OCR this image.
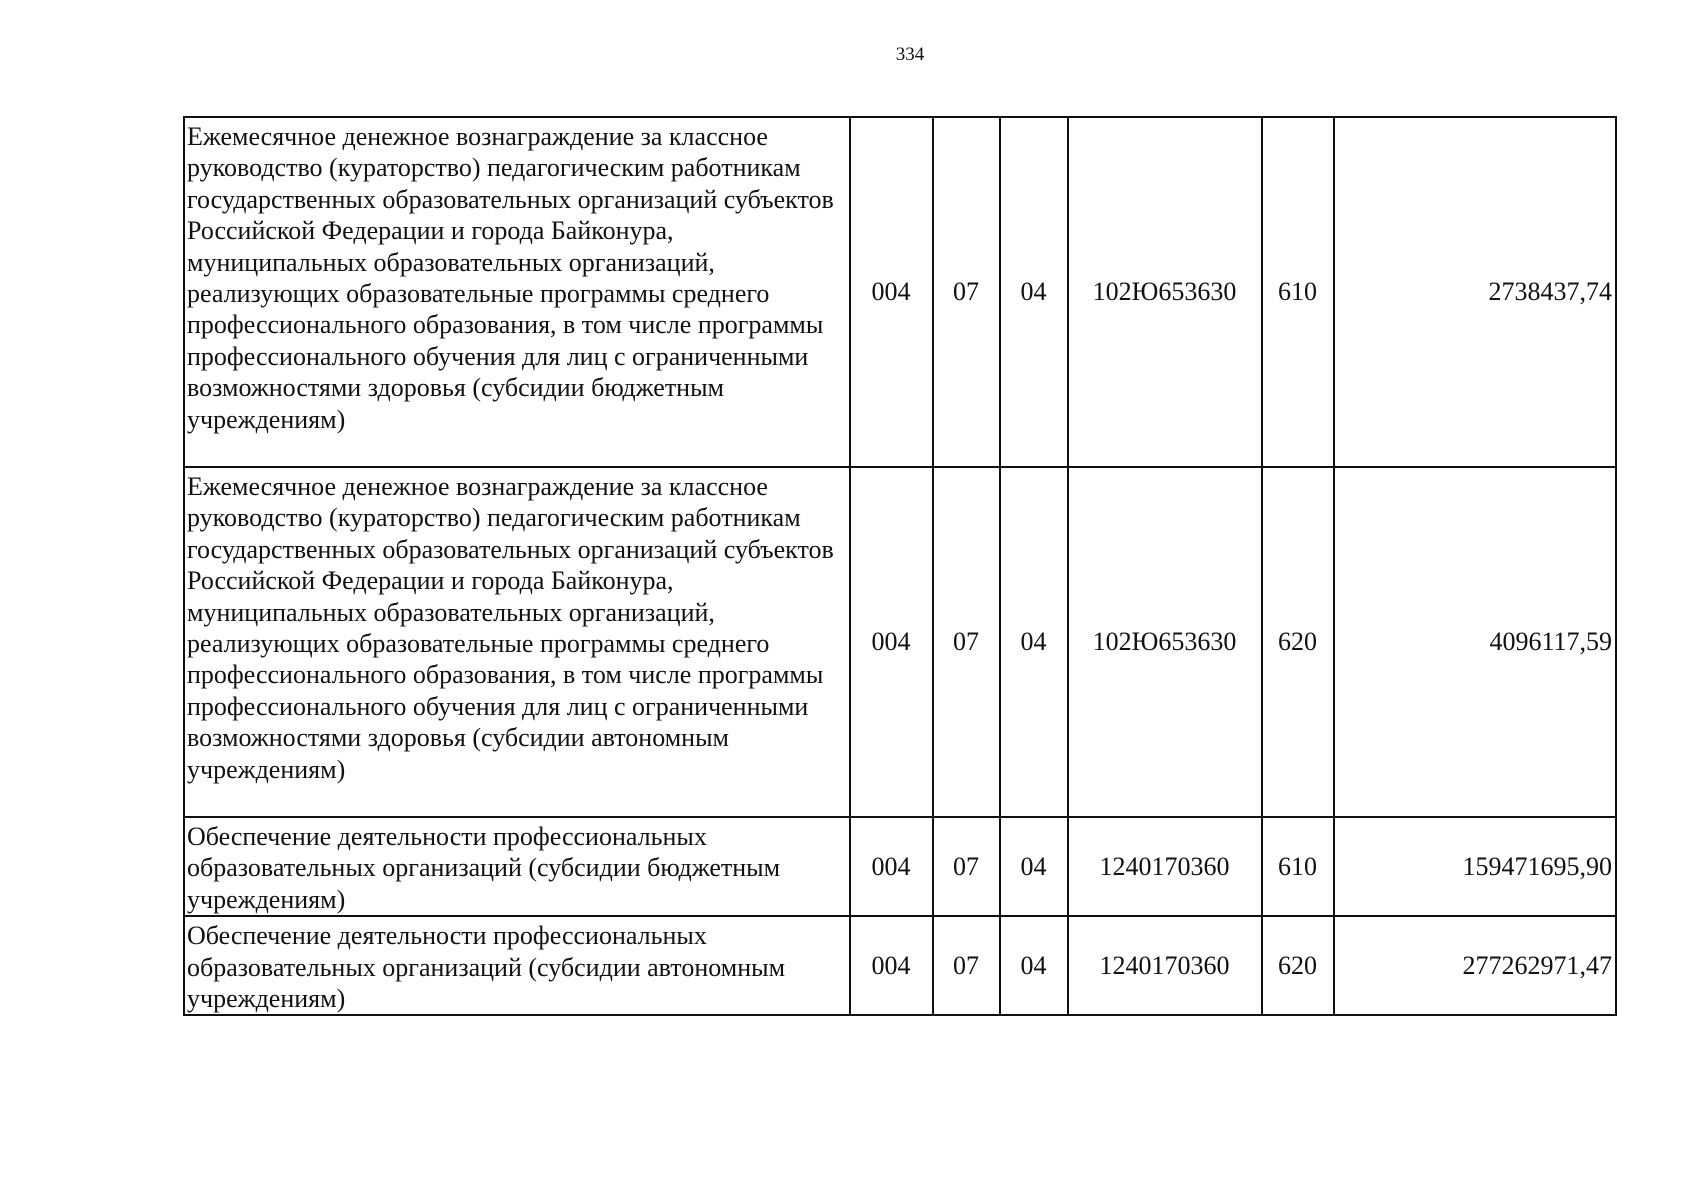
334
Ежемесячное денежное вознаграждение за классное руководство (кураторство) педагогическим работникам государственных образовательных организаций субъектов Российской Федерации и города Байконура, муниципальных образовательных организаций, реализующих образовательные программы среднего профессионального образования, в том числе программы профессионального обучения для лиц с ограниченными возможностями здоровья (субсидии бюджетным учреждениям)	004	07	04	102Ю653630	610	2738437,74
Ежемесячное денежное вознаграждение за классное руководство (кураторство) педагогическим работникам государственных образовательных организаций субъектов Российской Федерации и города Байконура, муниципальных образовательных организаций, реализующих образовательные программы среднего профессионального образования, в том числе программы профессионального обучения для лиц с ограниченными возможностями здоровья (субсидии автономным учреждениям)	004	07	04	102Ю653630	620	4096117,59
Обеспечение деятельности профессиональных образовательных организаций (субсидии бюджетным учреждениям)	004	07	04	1240170360	610	159471695,90
Обеспечение деятельности профессиональных образовательных организаций (субсидии автономным учреждениям)	004	07	04	1240170360	620	277262971,47
